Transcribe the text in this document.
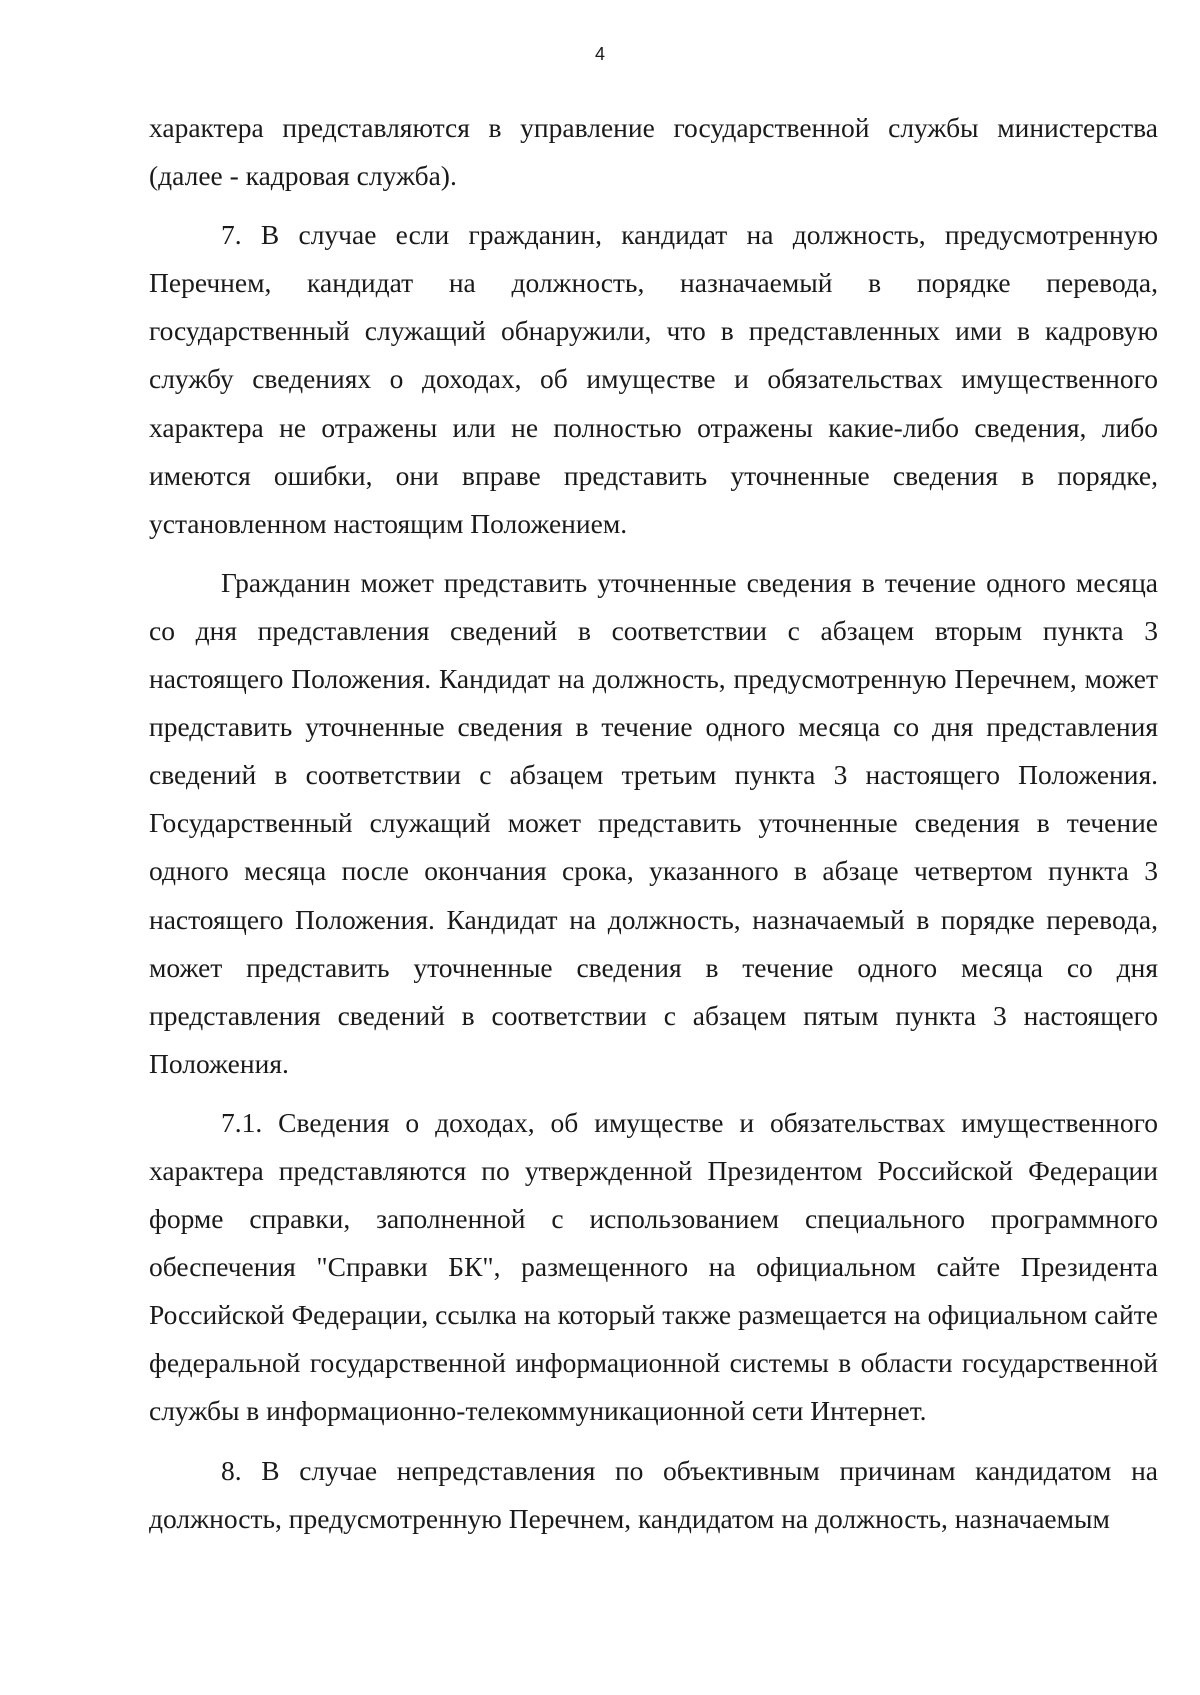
4

характера представляются в управление государственной службы министерства (далее - кадровая служба).

7. В случае если гражданин, кандидат на должность, предусмотренную Перечнем, кандидат на должность, назначаемый в порядке перевода, государственный служащий обнаружили, что в представленных ими в кадровую службу сведениях о доходах, об имуществе и обязательствах имущественного характера не отражены или не полностью отражены какие-либо сведения, либо имеются ошибки, они вправе представить уточненные сведения в порядке, установленном настоящим Положением.

Гражданин может представить уточненные сведения в течение одного месяца со дня представления сведений в соответствии с абзацем вторым пункта 3 настоящего Положения. Кандидат на должность, предусмотренную Перечнем, может представить уточненные сведения в течение одного месяца со дня представления сведений в соответствии с абзацем третьим пункта 3 настоящего Положения. Государственный служащий может представить уточненные сведения в течение одного месяца после окончания срока, указанного в абзаце четвертом пункта 3 настоящего Положения. Кандидат на должность, назначаемый в порядке перевода, может представить уточненные сведения в течение одного месяца со дня представления сведений в соответствии с абзацем пятым пункта 3 настоящего Положения.

7.1. Сведения о доходах, об имуществе и обязательствах имущественного характера представляются по утвержденной Президентом Российской Федерации форме справки, заполненной с использованием специального программного обеспечения "Справки БК", размещенного на официальном сайте Президента Российской Федерации, ссылка на который также размещается на официальном сайте федеральной государственной информационной системы в области государственной службы в информационно-телекоммуникационной сети Интернет.

8. В случае непредставления по объективным причинам кандидатом на должность, предусмотренную Перечнем, кандидатом на должность, назначаемым
